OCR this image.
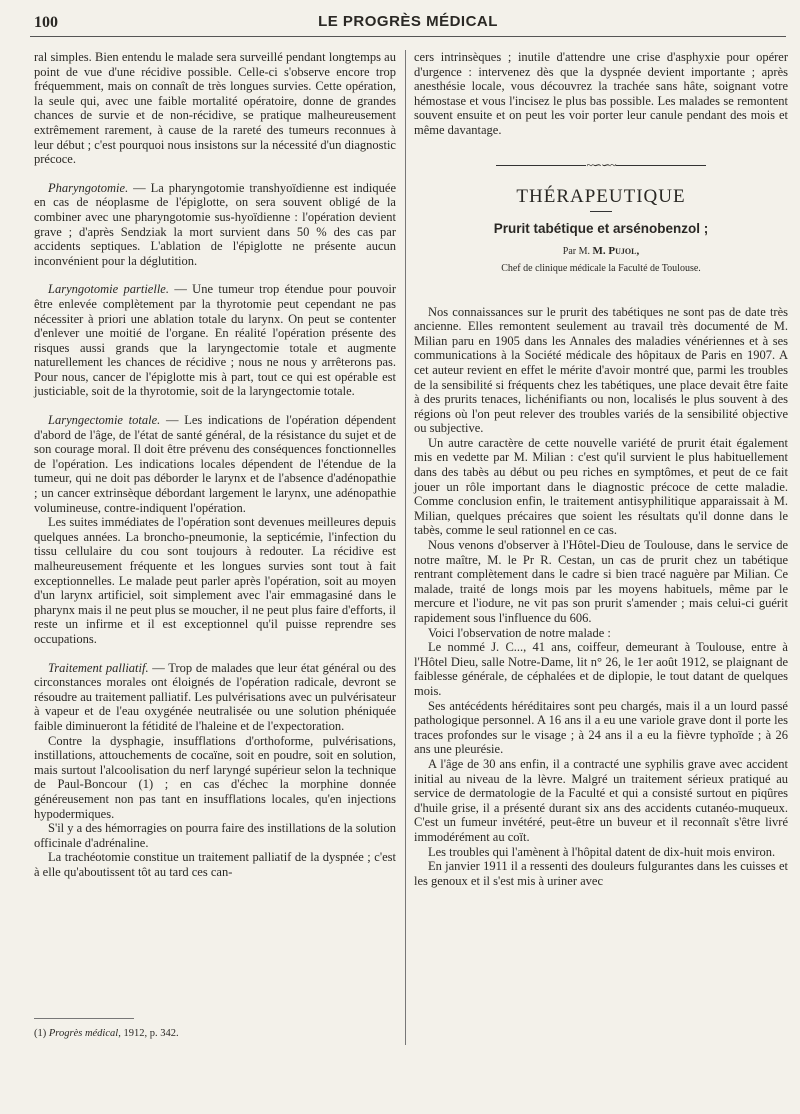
100	LE PROGRÈS MÉDICAL

ral simples. Bien entendu le malade sera surveillé pendant longtemps au point de vue d'une récidive possible. Celle-ci s'observe encore trop fréquemment, mais on connaît de très longues survies. Cette opération, la seule qui, avec une faible mortalité opératoire, donne de grandes chances de survie et de non-récidive, se pratique malheureusement extrêmement rarement, à cause de la rareté des tumeurs reconnues à leur début ; c'est pourquoi nous insistons sur la nécessité d'un diagnostic précoce.

Pharyngotomie. — La pharyngotomie transhyoïdienne est indiquée en cas de néoplasme de l'épiglotte, on sera souvent obligé de la combiner avec une pharyngotomie sus-hyoïdienne : l'opération devient grave ; d'après Sendziak la mort survient dans 50 % des cas par accidents septiques. L'ablation de l'épiglotte ne présente aucun inconvénient pour la déglutition.

Laryngotomie partielle. — Une tumeur trop étendue pour pouvoir être enlevée complètement par la thyrotomie peut cependant ne pas nécessiter à priori une ablation totale du larynx. On peut se contenter d'enlever une moitié de l'organe. En réalité l'opération présente des risques aussi grands que la laryngectomie totale et augmente naturellement les chances de récidive ; nous ne nous y arrêterons pas. Pour nous, cancer de l'épiglotte mis à part, tout ce qui est opérable est justiciable, soit de la thyrotomie, soit de la laryngectomie totale.

Laryngectomie totale. — Les indications de l'opération dépendent d'abord de l'âge, de l'état de santé général, de la résistance du sujet et de son courage moral. Il doit être prévenu des conséquences fonctionnelles de l'opération. Les indications locales dépendent de l'étendue de la tumeur, qui ne doit pas déborder le larynx et de l'absence d'adénopathie ; un cancer extrinsèque débordant largement le larynx, une adénopathie volumineuse, contre-indiquent l'opération.

Les suites immédiates de l'opération sont devenues meilleures depuis quelques années. La broncho-pneumonie, la septicémie, l'infection du tissu cellulaire du cou sont toujours à redouter. La récidive est malheureusement fréquente et les longues survies sont tout à fait exceptionnelles. Le malade peut parler après l'opération, soit au moyen d'un larynx artificiel, soit simplement avec l'air emmagasiné dans le pharynx mais il ne peut plus se moucher, il ne peut plus faire d'efforts, il reste un infirme et il est exceptionnel qu'il puisse reprendre ses occupations.

Traitement palliatif. — Trop de malades que leur état général ou des circonstances morales ont éloignés de l'opération radicale, devront se résoudre au traitement palliatif. Les pulvérisations avec un pulvérisateur à vapeur et de l'eau oxygénée neutralisée ou une solution phéniquée faible diminueront la fétidité de l'haleine et de l'expectoration.

Contre la dysphagie, insufflations d'orthoforme, pulvérisations, instillations, attouchements de cocaïne, soit en poudre, soit en solution, mais surtout l'alcoolisation du nerf laryngé supérieur selon la technique de Paul-Boncour (1) ; en cas d'échec la morphine donnée généreusement non pas tant en insufflations locales, qu'en injections hypodermiques.

S'il y a des hémorragies on pourra faire des instillations de la solution officinale d'adrénaline.

La trachéotomie constitue un traitement palliatif de la dyspnée ; c'est à elle qu'aboutissent tôt au tard ces can-

cers intrinsèques ; inutile d'attendre une crise d'asphyxie pour opérer d'urgence : intervenez dès que la dyspnée devient importante ; après anesthésie locale, vous découvrez la trachée sans hâte, soignant votre hémostase et vous l'incisez le plus bas possible. Les malades se remontent souvent ensuite et on peut les voir porter leur canule pendant des mois et même davantage.

~∽∽~
THÉRAPEUTIQUE
Prurit tabétique et arsénobenzol ;
Par M. M. Pujol,
Chef de clinique médicale la Faculté de Toulouse.

Nos connaissances sur le prurit des tabétiques ne sont pas de date très ancienne. Elles remontent seulement au travail très documenté de M. Milian paru en 1905 dans les Annales des maladies vénériennes et à ses communications à la Société médicale des hôpitaux de Paris en 1907. A cet auteur revient en effet le mérite d'avoir montré que, parmi les troubles de la sensibilité si fréquents chez les tabétiques, une place devait être faite à des prurits tenaces, lichénifiants ou non, localisés le plus souvent à des régions où l'on peut relever des troubles variés de la sensibilité objective ou subjective.

Un autre caractère de cette nouvelle variété de prurit était également mis en vedette par M. Milian : c'est qu'il survient le plus habituellement dans des tabès au début ou peu riches en symptômes, et peut de ce fait jouer un rôle important dans le diagnostic précoce de cette maladie. Comme conclusion enfin, le traitement antisyphilitique apparaissait à M. Milian, quelques précaires que soient les résultats qu'il donne dans le tabès, comme le seul rationnel en ce cas.

Nous venons d'observer à l'Hôtel-Dieu de Toulouse, dans le service de notre maître, M. le Pr R. Cestan, un cas de prurit chez un tabétique rentrant complètement dans le cadre si bien tracé naguère par Milian. Ce malade, traité de longs mois par les moyens habituels, même par le mercure et l'iodure, ne vit pas son prurit s'amender ; mais celui-ci guérit rapidement sous l'influence du 606.

Voici l'observation de notre malade :

Le nommé J. C..., 41 ans, coiffeur, demeurant à Toulouse, entre à l'Hôtel Dieu, salle Notre-Dame, lit n° 26, le 1er août 1912, se plaignant de faiblesse générale, de céphalées et de diplopie, le tout datant de quelques mois.

Ses antécédents héréditaires sont peu chargés, mais il a un lourd passé pathologique personnel. A 16 ans il a eu une variole grave dont il porte les traces profondes sur le visage ; à 24 ans il a eu la fièvre typhoïde ; à 26 ans une pleurésie.

A l'âge de 30 ans enfin, il a contracté une syphilis grave avec accident initial au niveau de la lèvre. Malgré un traitement sérieux pratiqué au service de dermatologie de la Faculté et qui a consisté surtout en piqûres d'huile grise, il a présenté durant six ans des accidents cutanéo-muqueux. C'est un fumeur invétéré, peut-être un buveur et il reconnaît s'être livré immodérément au coït.

Les troubles qui l'amènent à l'hôpital datent de dix-huit mois environ.

En janvier 1911 il a ressenti des douleurs fulgurantes dans les cuisses et les genoux et il s'est mis à uriner avec

(1) Progrès médical, 1912, p. 342.
